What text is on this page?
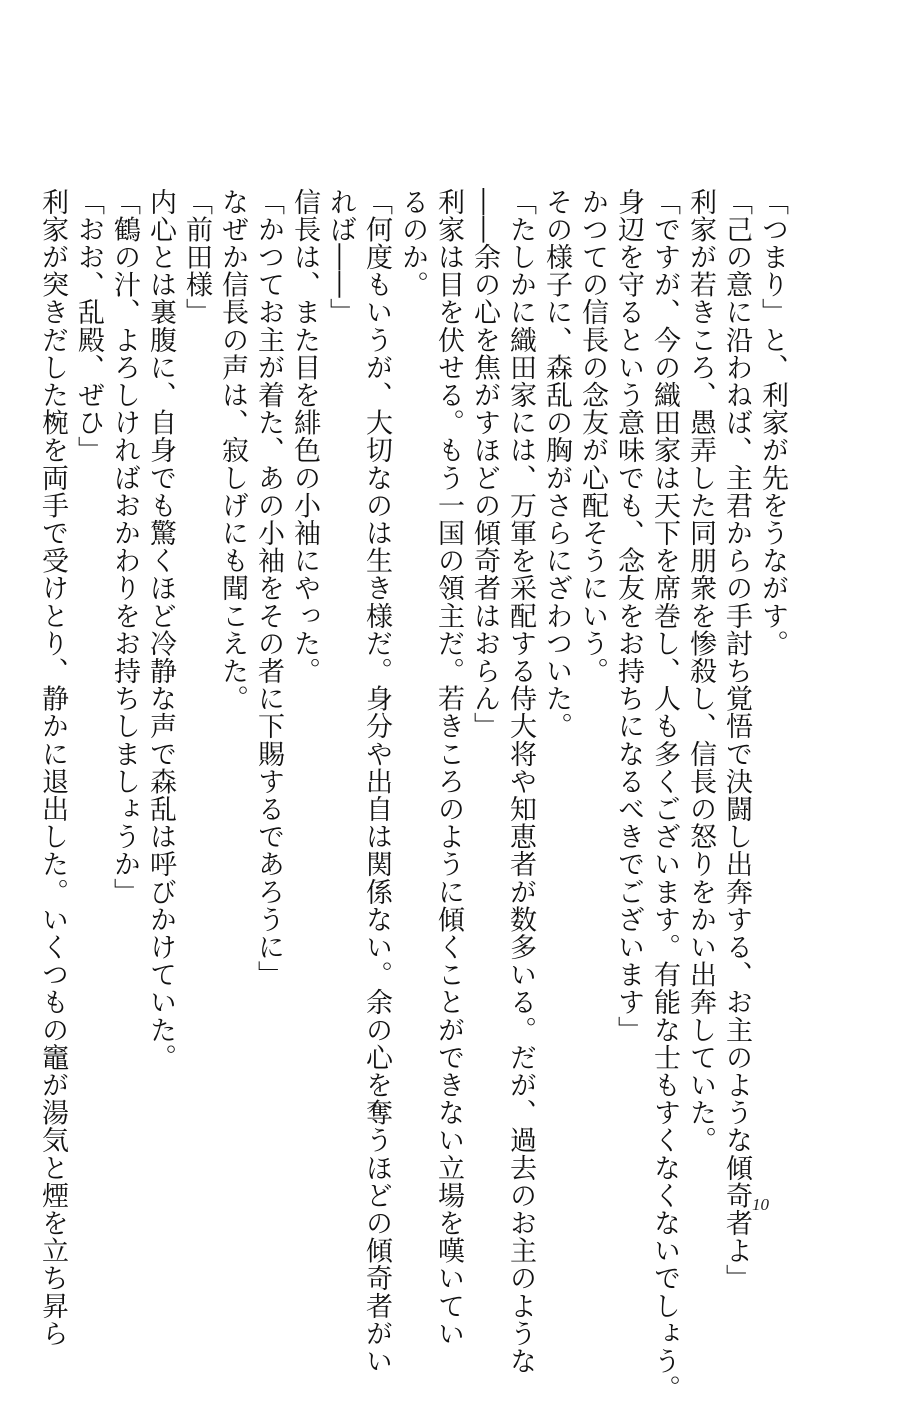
「つまり」と、利家が先をうながす。

「己の意に沿わねば、主君からの手討ち覚悟で決闘し出奔する、お主のような傾奇者よ」

利家が若きころ、愚弄した同朋衆を惨殺し、信長の怒りをかい出奔していた。

「ですが、今の織田家は天下を席巻し、人も多くございます。有能な士もすくなくないでしょう。

身辺を守るという意味でも、念友をお持ちになるべきでございます」

かつての信長の念友が心配そうにいう。

その様子に、森乱の胸がさらにざわついた。

「たしかに織田家には、万軍を采配する侍大将や知恵者が数多いる。だが、過去のお主のような

――余の心を焦がすほどの傾奇者はおらん」

利家は目を伏せる。もう一国の領主だ。若きころのように傾くことができない立場を嘆いてい

るのか。

「何度もいうが、大切なのは生き様だ。身分や出自は関係ない。余の心を奪うほどの傾奇者がい

れば――」

信長は、また目を緋色の小袖にやった。

「かつてお主が着た、あの小袖をその者に下賜するであろうに」

なぜか信長の声は、寂しげにも聞こえた。

「前田様」

内心とは裏腹に、自身でも驚くほど冷静な声で森乱は呼びかけていた。

「鶴の汁、よろしければおかわりをお持ちしましょうか」

「おお、乱殿、ぜひ」

利家が突きだした椀を両手で受けとり、静かに退出した。いくつもの竈が湯気と煙を立ち昇ら	10
